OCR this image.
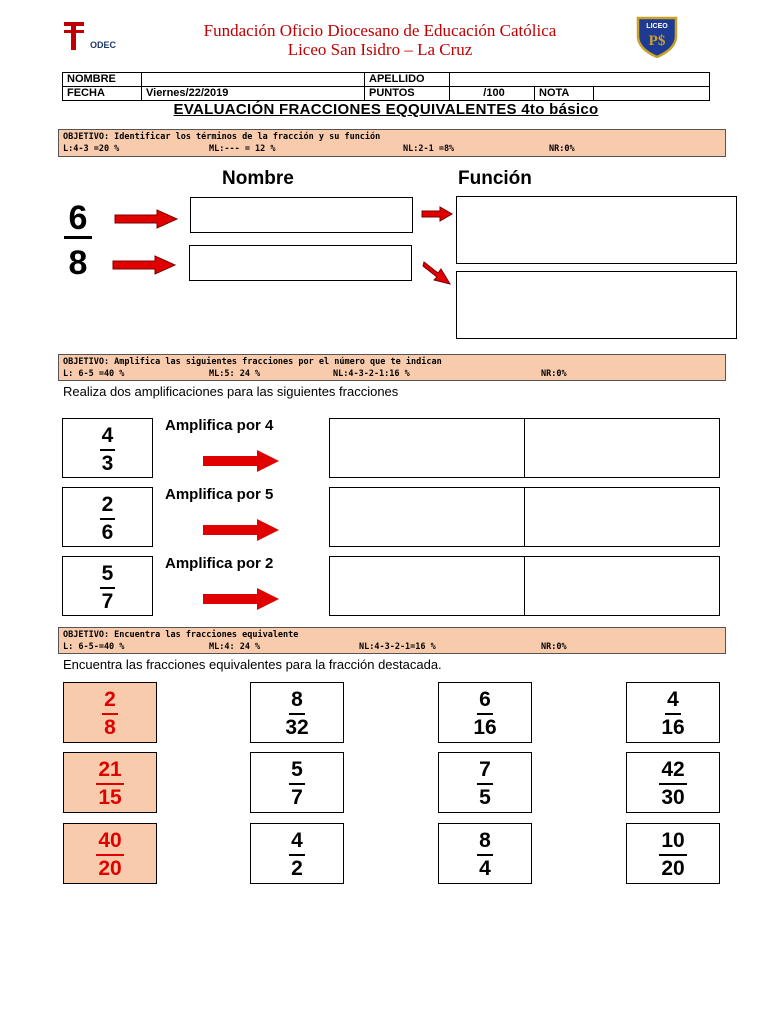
ODEC
LICEO
P$
Fundación Oficio Diocesano de Educación Católica
Liceo San Isidro – La Cruz
NOMBRE		APELLIDO			
FECHA	Viernes/22/2019	PUNTOS	/100	NOTA	
EVALUACIÓN FRACCIONES EQQUIVALENTES 4to básico
OBJETIVO: Identificar los términos de la fracción y su función
L:4-3 =20 %	ML:--- = 12 %	NL:2-1 =8%	NR:0%
Nombre	Función
6
8
OBJETIVO: Amplifica las siguientes fracciones por el número que te indican
L: 6-5 =40 %	ML:5: 24 %	NL:4-3-2-1:16 %	NR:0%
Realiza dos amplificaciones para las siguientes fracciones
$\frac{4}{3}$ Amplifica por 4
$\frac{2}{6}$ Amplifica por 5
$\frac{5}{7}$ Amplifica por 2
OBJETIVO: Encuentra las fracciones equivalente
L: 6-5-=40 %	ML:4: 24 %	NL:4-3-2-1=16 %	NR:0%
Encuentra las fracciones equivalentes para la fracción destacada.
$\frac{2}{8}$	$\frac{8}{32}$	$\frac{6}{16}$	$\frac{4}{16}$
$\frac{21}{15}$	$\frac{5}{7}$	$\frac{7}{5}$	$\frac{42}{30}$
$\frac{40}{20}$	$\frac{4}{2}$	$\frac{8}{4}$	$\frac{10}{20}$
